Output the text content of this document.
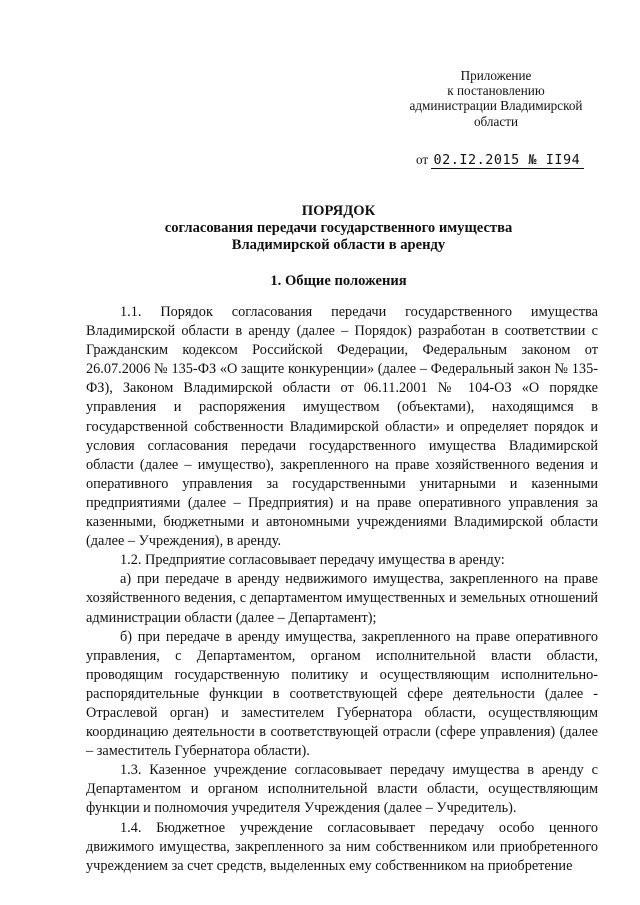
Приложение
к постановлению
администрации Владимирской
области
от 02.I2.2015 № II94
ПОРЯДОК
согласования передачи государственного имущества
Владимирской области в аренду
1. Общие положения

1.1. Порядок согласования передачи государственного имущества Владимирской области в аренду (далее – Порядок) разработан в соответствии с Гражданским кодексом Российской Федерации, Федеральным законом от 26.07.2006 № 135-ФЗ «О защите конкуренции» (далее – Федеральный закон № 135-ФЗ), Законом Владимирской области от 06.11.2001 № 104-ОЗ «О порядке управления и распоряжения имуществом (объектами), находящимся в государственной собственности Владимирской области» и определяет порядок и условия согласования передачи государственного имущества Владимирской области (далее – имущество), закрепленного на праве хозяйственного ведения и оперативного управления за государственными унитарными и казенными предприятиями (далее – Предприятия) и на праве оперативного управления за казенными, бюджетными и автономными учреждениями Владимирской области (далее – Учреждения), в аренду.

1.2. Предприятие согласовывает передачу имущества в аренду:

а) при передаче в аренду недвижимого имущества, закрепленного на праве хозяйственного ведения, с департаментом имущественных и земельных отношений администрации области (далее – Департамент);

б) при передаче в аренду имущества, закрепленного на праве оперативного управления, с Департаментом, органом исполнительной власти области, проводящим государственную политику и осуществляющим исполнительно-распорядительные функции в соответствующей сфере деятельности (далее - Отраслевой орган) и заместителем Губернатора области, осуществляющим координацию деятельности в соответствующей отрасли (сфере управления) (далее – заместитель Губернатора области).

1.3. Казенное учреждение согласовывает передачу имущества в аренду с Департаментом и органом исполнительной власти области, осуществляющим функции и полномочия учредителя Учреждения (далее – Учредитель).

1.4. Бюджетное учреждение согласовывает передачу особо ценного движимого имущества, закрепленного за ним собственником или приобретенного учреждением за счет средств, выделенных ему собственником на приобретение
